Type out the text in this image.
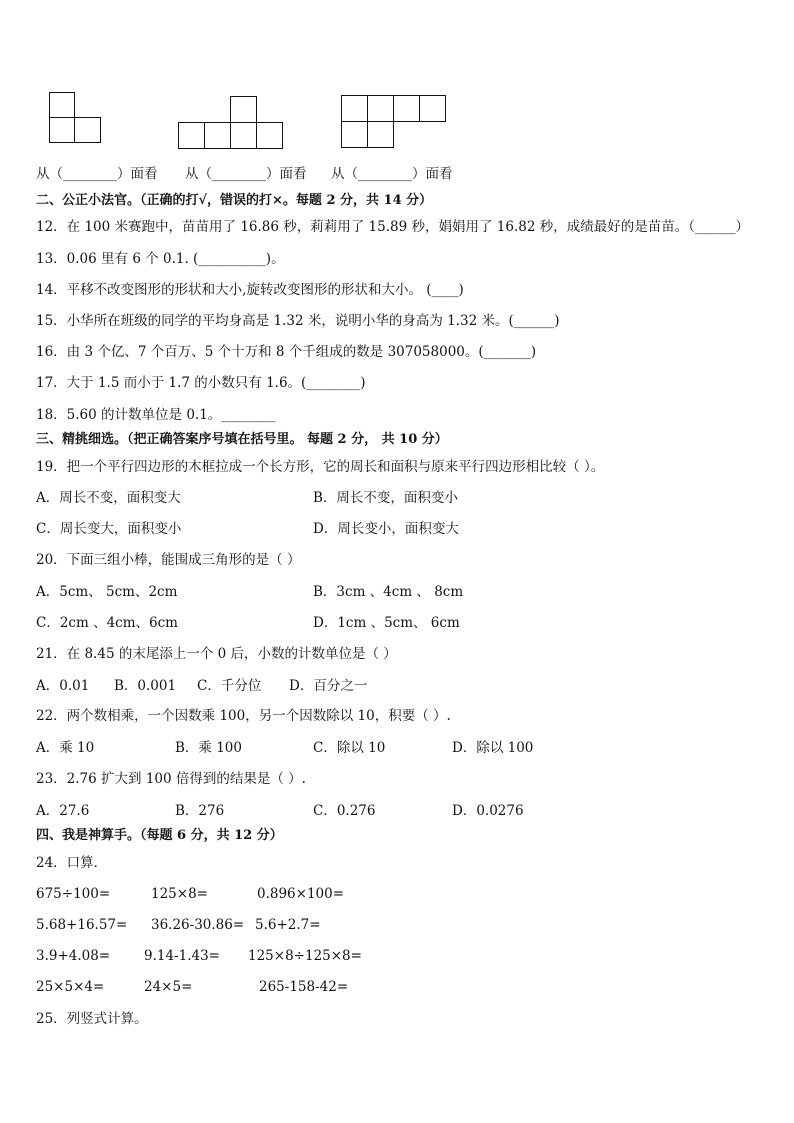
从（________）面看 从（________）面看 从（________）面看
二、公正小法官。（正确的打√，错误的打×。每题 2 分，共 14 分）
12．在 100 米赛跑中，苗苗用了 16.86 秒，莉莉用了 15.89 秒，娟娟用了 16.82 秒，成绩最好的是苗苗。（______）
13．0.06 里有 6 个 0.1. (__________)。
14．平移不改变图形的形状和大小,旋转改变图形的形状和大小。 (____)
15．小华所在班级的同学的平均身高是 1.32 米，说明小华的身高为 1.32 米。(______)
16．由 3 个亿、7 个百万、5 个十万和 8 个千组成的数是 307058000。(_______)
17．大于 1.5 而小于 1.7 的小数只有 1.6。(________)
18．5.60 的计数单位是 0.1。________
三、精挑细选。（把正确答案序号填在括号里。 每题 2 分， 共 10 分）
19．把一个平行四边形的木框拉成一个长方形，它的周长和面积与原来平行四边形相比较（ ）。
A．周长不变，面积变大	B．周长不变，面积变小
C．周长变大，面积变小	D．周长变小，面积变大
20．下面三组小棒，能围成三角形的是（ ）
A．5cm、 5cm、2cm	B．3cm 、4cm 、 8cm
C．2cm 、4cm、6cm	D．1cm 、5cm、 6cm
21．在 8.45 的末尾添上一个 0 后，小数的计数单位是（ ）
A．0.01 B．0.001 C．千分位 D．百分之一
22．两个数相乘，一个因数乘 100，另一个因数除以 10，积要（ ）.
A．乘 10	B．乘 100	C．除以 10	D．除以 100
23．2.76 扩大到 100 倍得到的结果是（ ）.
A．27.6	B．276	C．0.276	D．0.0276
四、我是神算手。（每题 6 分，共 12 分）
24．口算．
675÷100=	125×8=	0.896×100=
5.68+16.57= 36.26-30.86= 5.6+2.7=
3.9+4.08=	9.14-1.43= 125×8÷125×8=
25×5×4=	24×5=	265-158-42=
25．列竖式计算。
